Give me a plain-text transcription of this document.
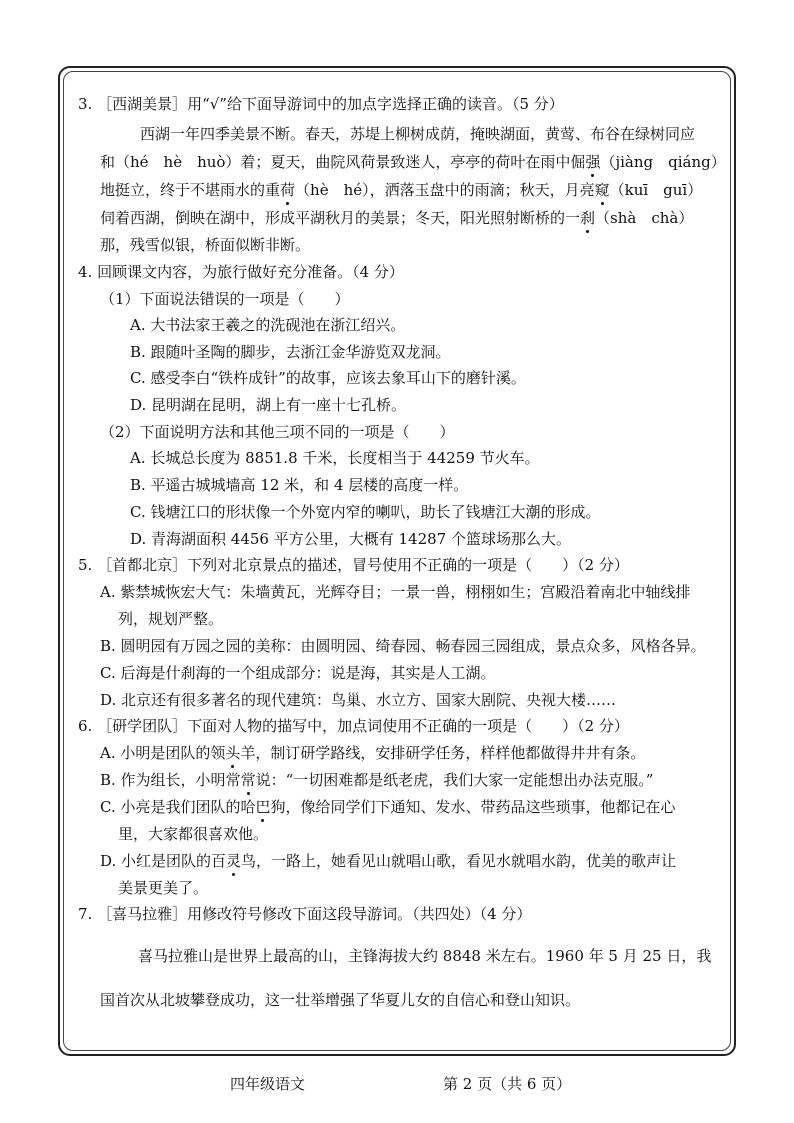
3. ［西湖美景］用“√”给下面导游词中的加点字选择正确的读音。（5 分）
西湖一年四季美景不断。春天，苏堤上柳树成荫，掩映湖面，黄莺、布谷在绿树同应
和（hé　hè　huò）着；夏天，曲院风荷景致迷人，亭亭的荷叶在雨中倔强（jiàng　qiáng）
地挺立，终于不堪雨水的重荷（hè　hé），洒落玉盘中的雨滴；秋天，月亮窥（kuī　guī）
伺着西湖，倒映在湖中，形成平湖秋月的美景；冬天，阳光照射断桥的一刹（shà　chà）
那，残雪似银，桥面似断非断。
4. 回顾课文内容，为旅行做好充分准备。（4 分）
（1）下面说法错误的一项是（　　）
A. 大书法家王羲之的洗砚池在浙江绍兴。
B. 跟随叶圣陶的脚步，去浙江金华游览双龙洞。
C. 感受李白“铁杵成针”的故事，应该去象耳山下的磨针溪。
D. 昆明湖在昆明，湖上有一座十七孔桥。
（2）下面说明方法和其他三项不同的一项是（　　）
A. 长城总长度为 8851.8 千米，长度相当于 44259 节火车。
B. 平遥古城城墙高 12 米，和 4 层楼的高度一样。
C. 钱塘江口的形状像一个外宽内窄的喇叭，助长了钱塘江大潮的形成。
D. 青海湖面积 4456 平方公里，大概有 14287 个篮球场那么大。
5. ［首都北京］下列对北京景点的描述，冒号使用不正确的一项是（　　）（2 分）
A. 紫禁城恢宏大气：朱墙黄瓦，光辉夺目；一景一兽，栩栩如生；宫殿沿着南北中轴线排
列，规划严整。
B. 圆明园有万园之园的美称：由圆明园、绮春园、畅春园三园组成，景点众多，风格各异。
C. 后海是什刹海的一个组成部分：说是海，其实是人工湖。
D. 北京还有很多著名的现代建筑：鸟巢、水立方、国家大剧院、央视大楼……
6. ［研学团队］下面对人物的描写中，加点词使用不正确的一项是（　　）（2 分）
A. 小明是团队的领头羊，制订研学路线，安排研学任务，样样他都做得井井有条。
B. 作为组长，小明常常说：“一切困难都是纸老虎，我们大家一定能想出办法克服。”
C. 小亮是我们团队的哈巴狗，像给同学们下通知、发水、带药品这些琐事，他都记在心
里，大家都很喜欢他。
D. 小红是团队的百灵鸟，一路上，她看见山就唱山歌，看见水就唱水韵，优美的歌声让
美景更美了。
7. ［喜马拉雅］用修改符号修改下面这段导游词。（共四处）（4 分）
喜马拉雅山是世界上最高的山，主锋海拔大约 8848 米左右。1960 年 5 月 25 日，我
国首次从北坡攀登成功，这一壮举增强了华夏儿女的自信心和登山知识。
四年级语文	第 2 页（共 6 页）
